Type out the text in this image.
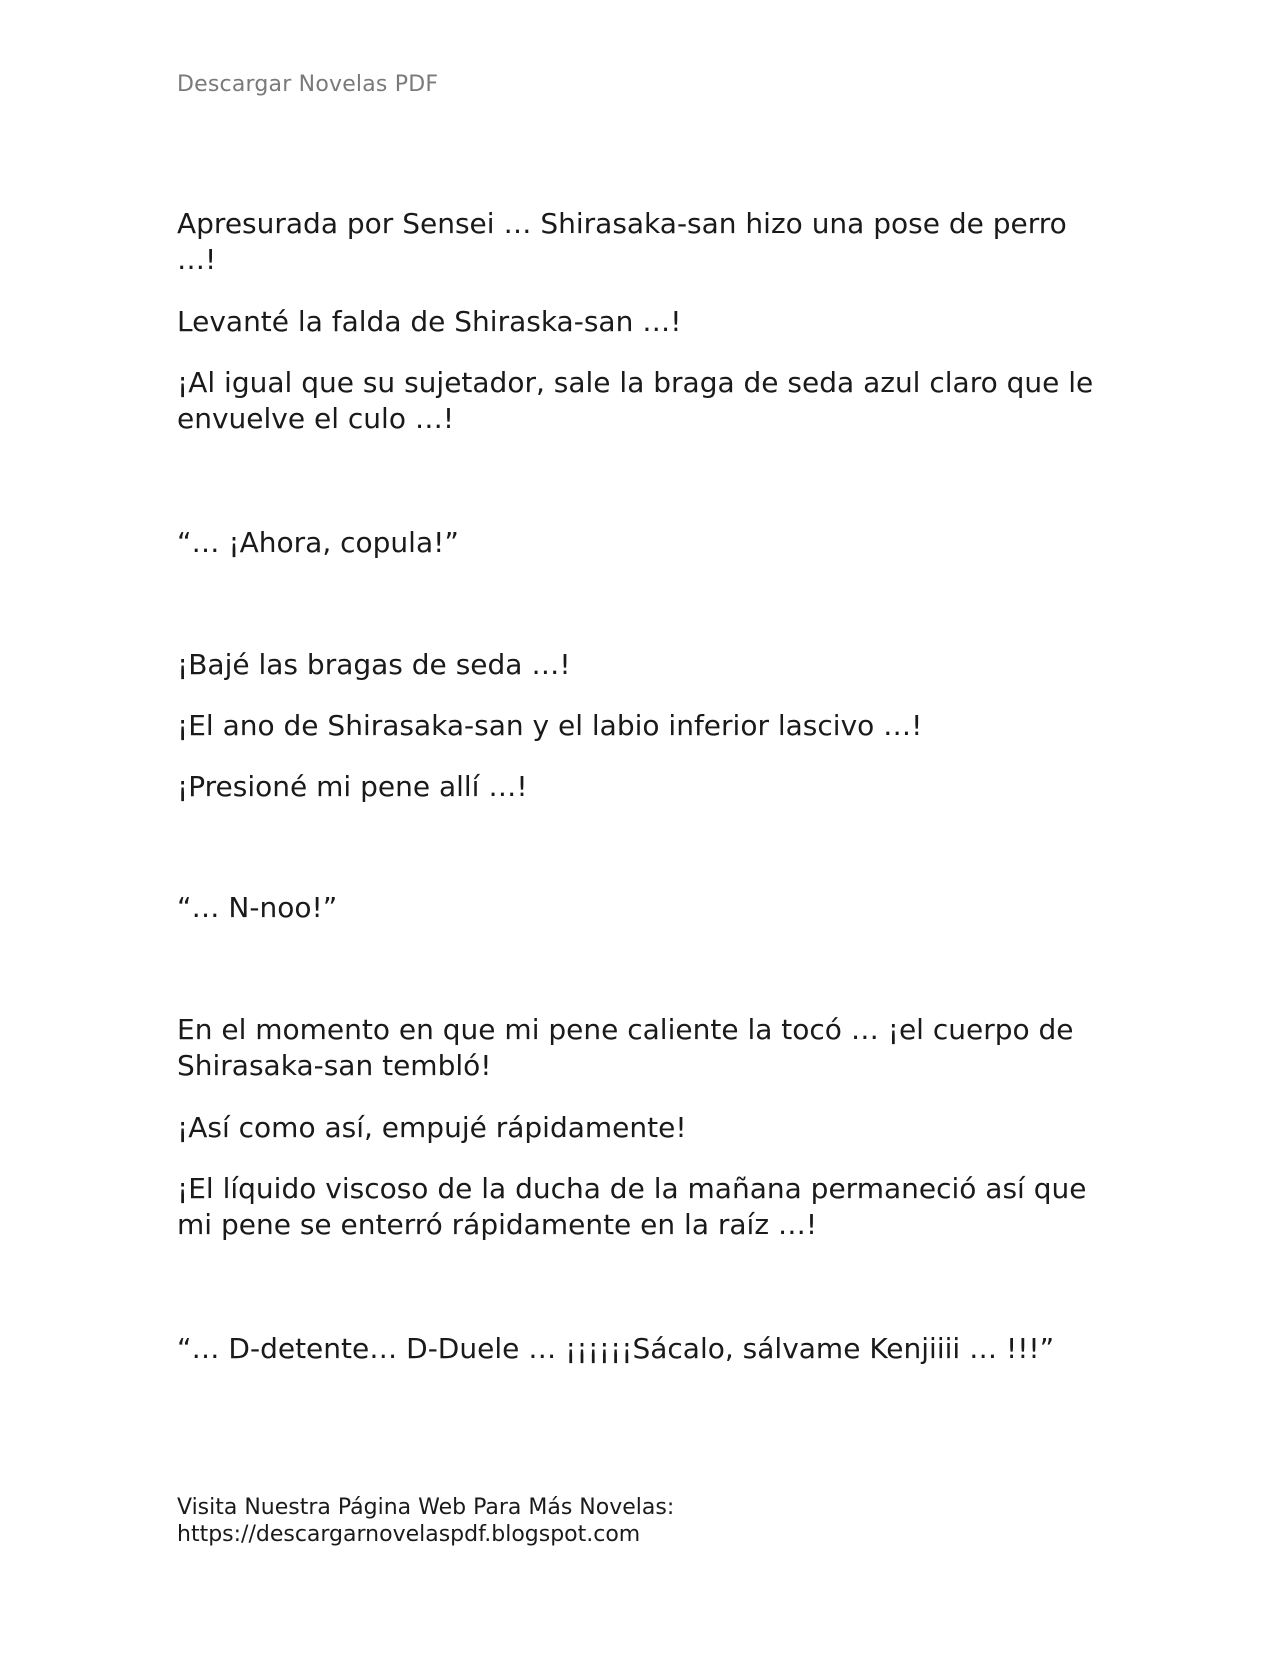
Descargar Novelas PDF

Apresurada por Sensei … Shirasaka-san hizo una pose de perro …!

Levanté la falda de Shiraska-san …!

¡Al igual que su sujetador, sale la braga de seda azul claro que le envuelve el culo …!

“… ¡Ahora, copula!”

¡Bajé las bragas de seda …!

¡El ano de Shirasaka-san y el labio inferior lascivo …!

¡Presioné mi pene allí …!

“… N-noo!”

En el momento en que mi pene caliente la tocó … ¡el cuerpo de Shirasaka-san tembló!

¡Así como así, empujé rápidamente!

¡El líquido viscoso de la ducha de la mañana permaneció así que mi pene se enterró rápidamente en la raíz …!

“… D-detente… D-Duele … ¡¡¡¡¡¡Sácalo, sálvame Kenjiiii … !!!”

Visita Nuestra Página Web Para Más Novelas:
https://descargarnovelaspdf.blogspot.com
